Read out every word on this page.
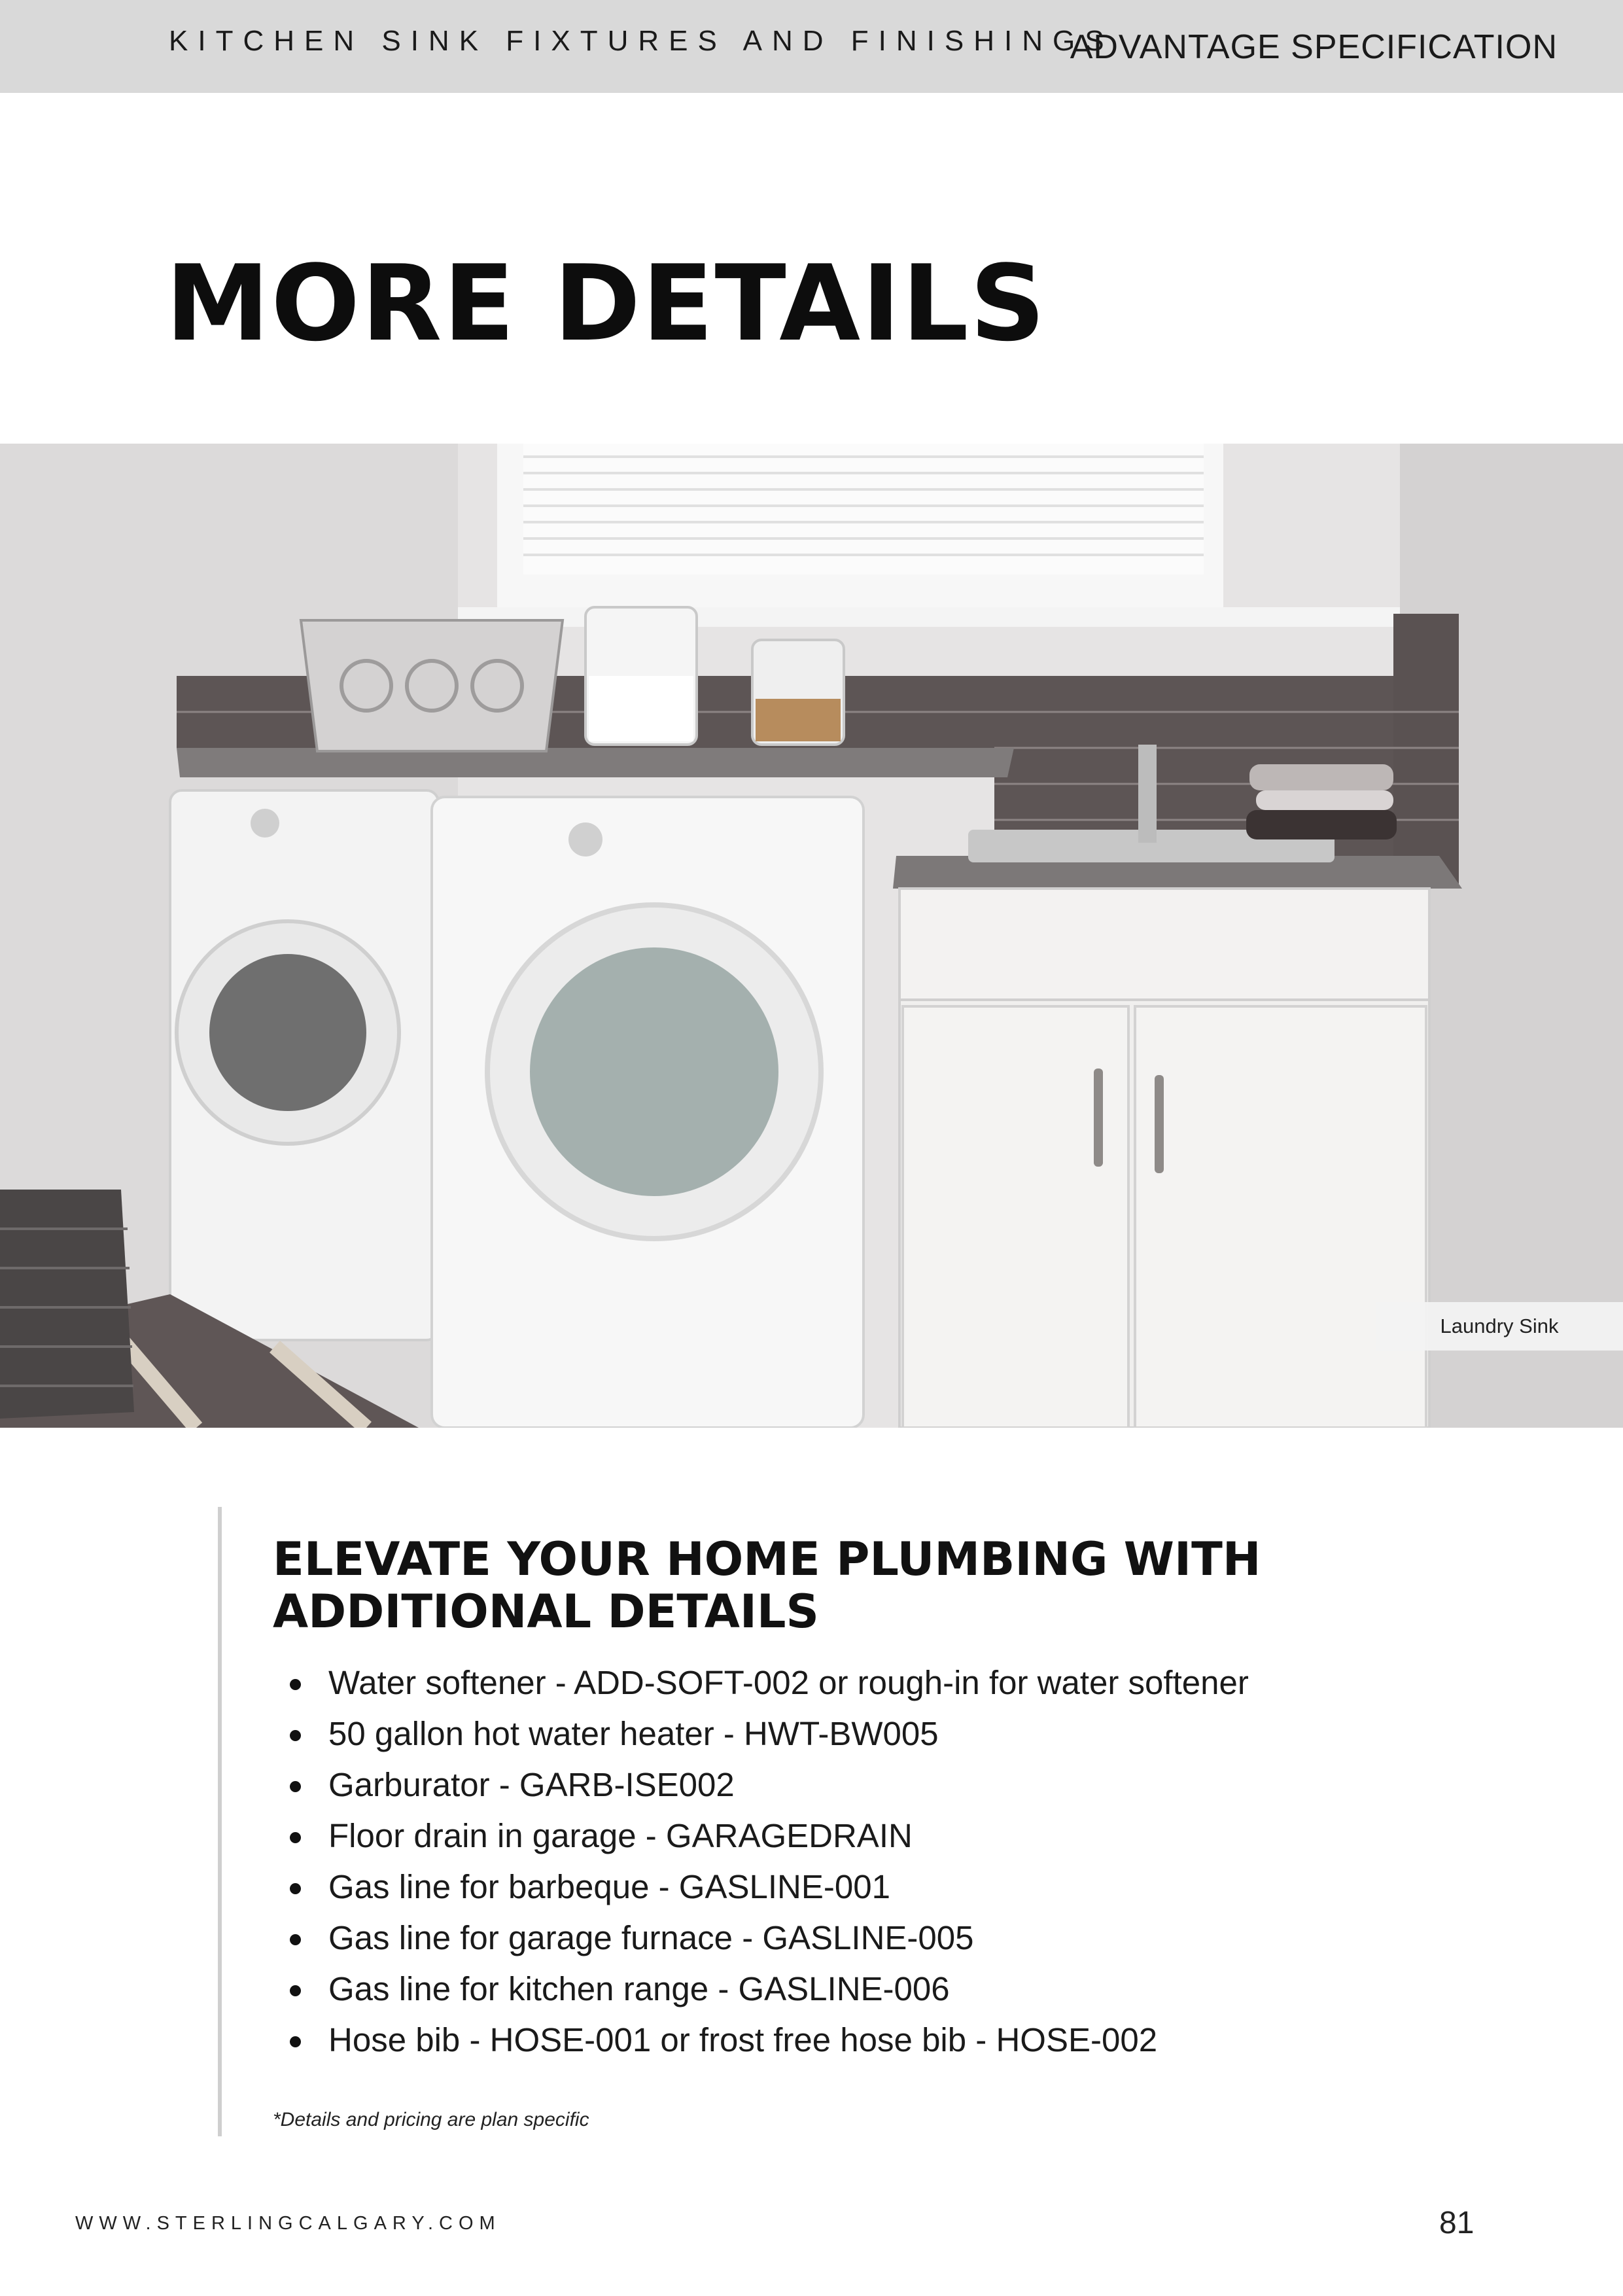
KITCHEN SINK FIXTURES AND FINISHINGS
ADVANTAGE SPECIFICATION
MORE DETAILS
Laundry Sink
ELEVATE YOUR HOME PLUMBING WITH ADDITIONAL DETAILS
Water softener - ADD-SOFT-002 or rough-in for water softener
50 gallon hot water heater - HWT-BW005
Garburator - GARB-ISE002
Floor drain in garage - GARAGEDRAIN
Gas line for barbeque - GASLINE-001
Gas line for garage furnace - GASLINE-005
Gas line for kitchen range - GASLINE-006
Hose bib - HOSE-001 or frost free hose bib - HOSE-002
*Details and pricing are plan specific
WWW.STERLINGCALGARY.COM	81
